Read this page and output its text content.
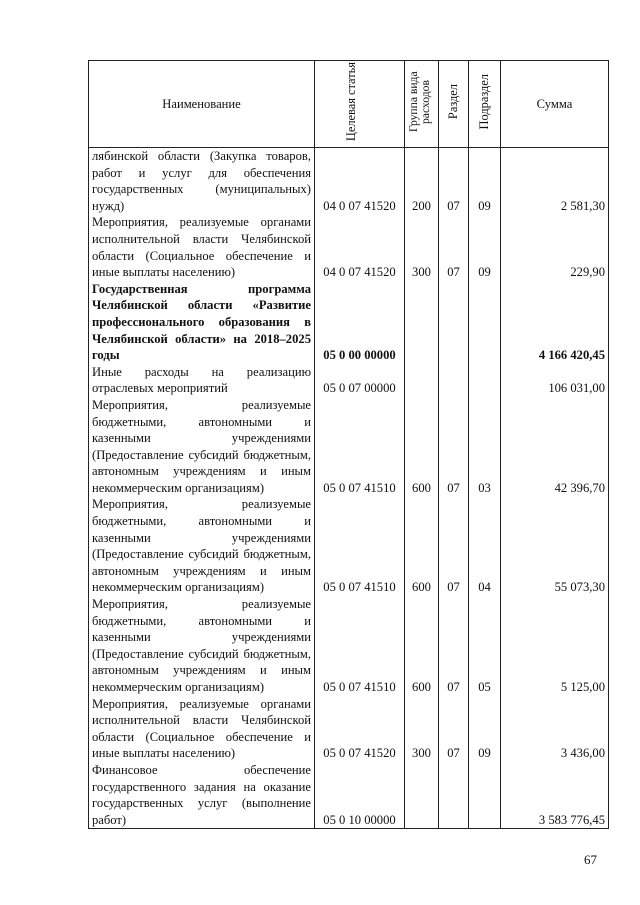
Наименование	Целевая статья	Группа вида расходов	Раздел	Подраздел	Сумма
лябинской области (Закупка товаров, работ и услуг для обеспечения государственных (муниципальных) нужд)	04 0 07 41520	200	07	09	2 581,30
Мероприятия, реализуемые органами исполнительной власти Челябинской области (Социальное обеспечение и иные выплаты населению)	04 0 07 41520	300	07	09	229,90
Государственная программа Челябинской области «Развитие профессионального образования в Челябинской области» на 2018–2025 годы	05 0 00 00000				4 166 420,45
Иные расходы на реализацию отраслевых мероприятий	05 0 07 00000				106 031,00
Мероприятия, реализуемые бюджетными, автономными и казенными учреждениями (Предоставление субсидий бюджетным, автономным учреждениям и иным некоммерческим организациям)	05 0 07 41510	600	07	03	42 396,70
Мероприятия, реализуемые бюджетными, автономными и казенными учреждениями (Предоставление субсидий бюджетным, автономным учреждениям и иным некоммерческим организациям)	05 0 07 41510	600	07	04	55 073,30
Мероприятия, реализуемые бюджетными, автономными и казенными учреждениями (Предоставление субсидий бюджетным, автономным учреждениям и иным некоммерческим организациям)	05 0 07 41510	600	07	05	5 125,00
Мероприятия, реализуемые органами исполнительной власти Челябинской области (Социальное обеспечение и иные выплаты населению)	05 0 07 41520	300	07	09	3 436,00
Финансовое обеспечение государственного задания на оказание государственных услуг (выполнение работ)	05 0 10 00000				3 583 776,45
67
